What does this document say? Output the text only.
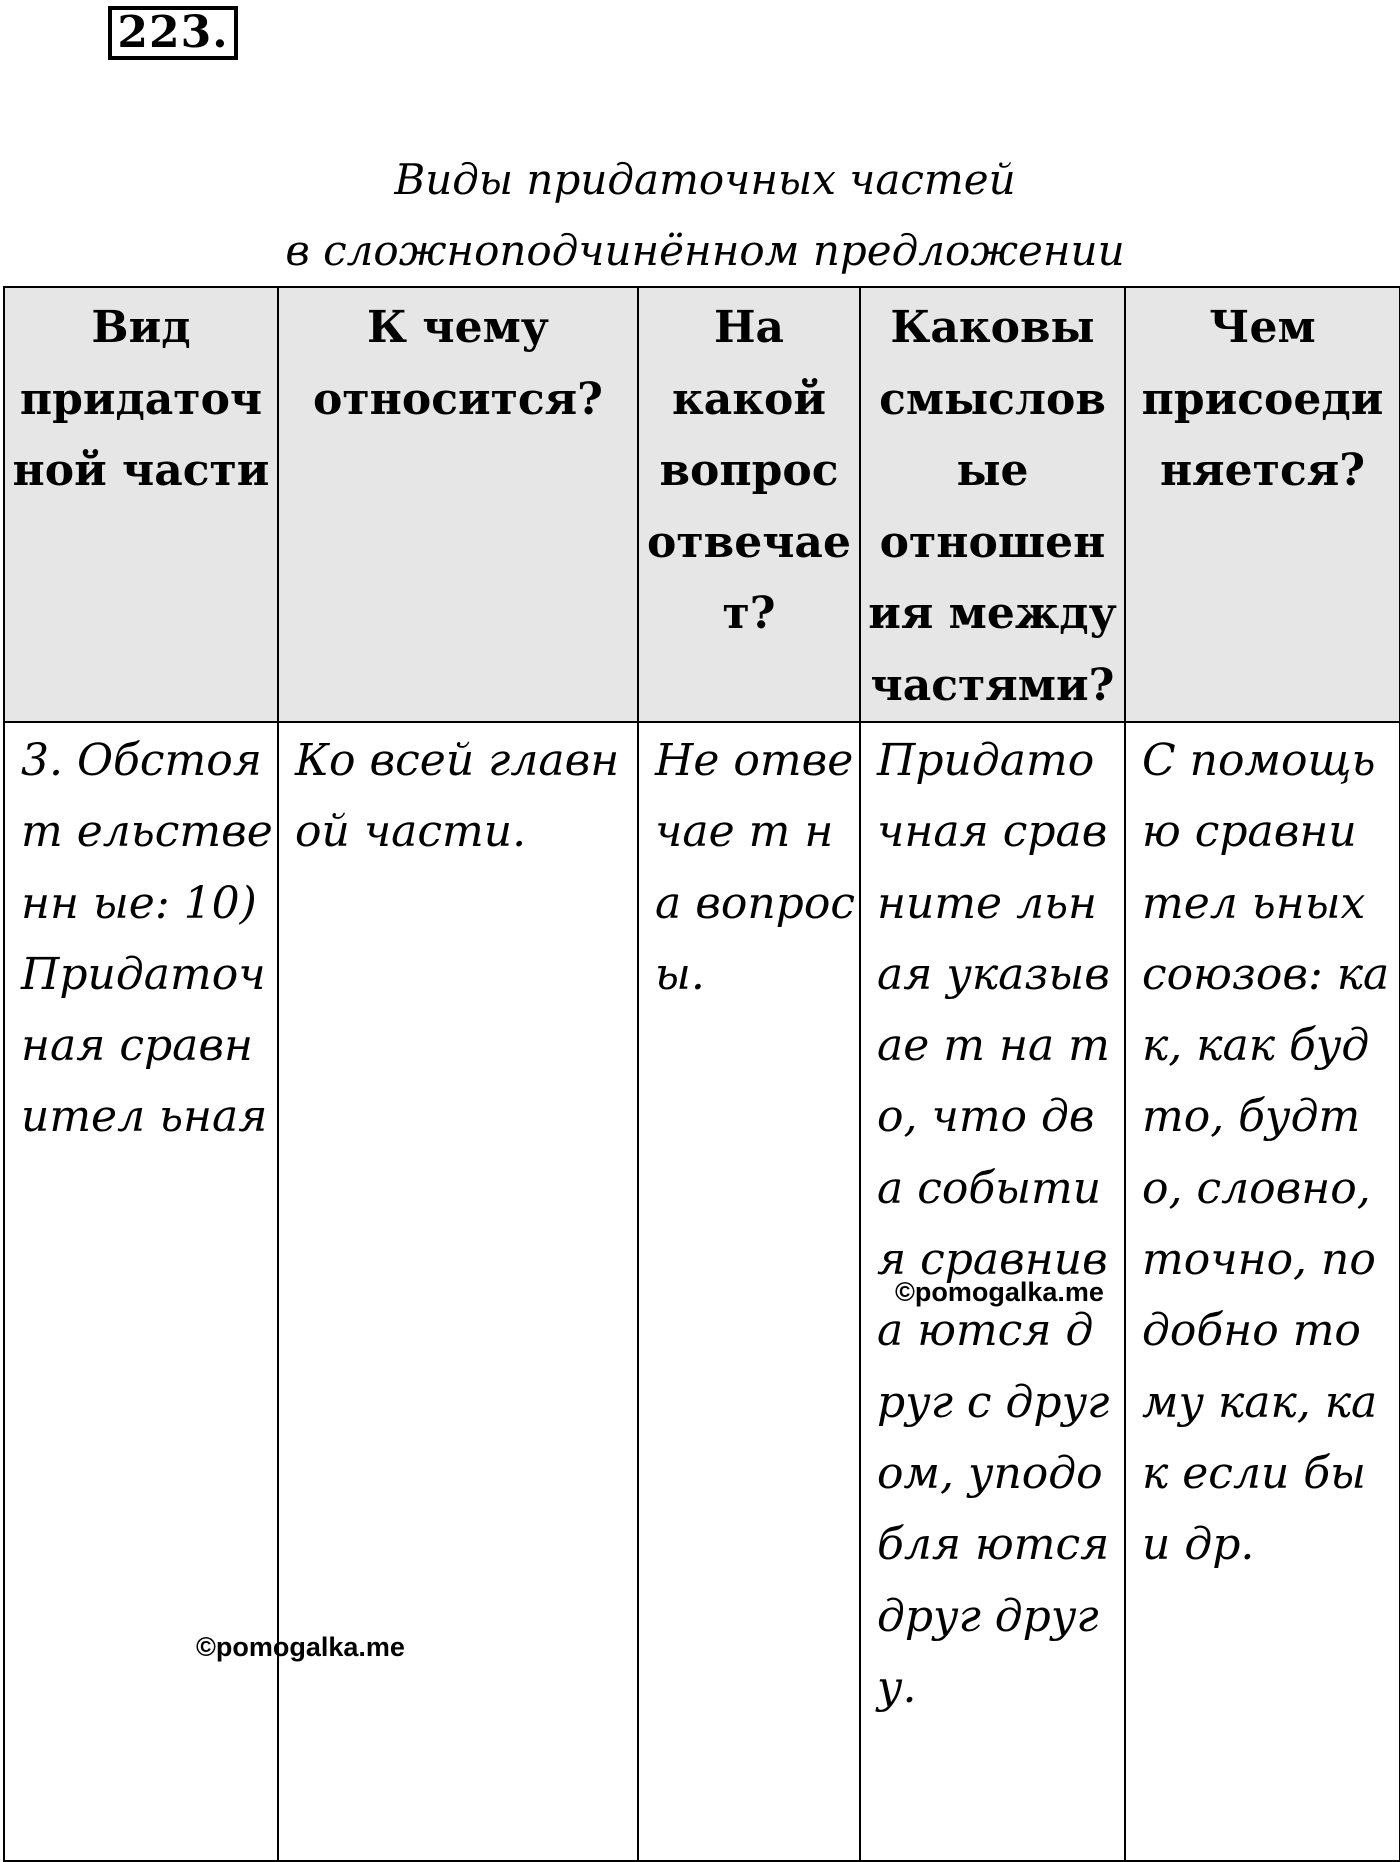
223.
Виды придаточных частей
в сложноподчинённом предложении
Вид придаточ ной части	К чему относится?	На какой вопрос отвечае т?	Каковы смыслов ые отношен ия между частями?	Чем присоеди няется?
3. Обстоят ельственн ые: 10) Придаточ ная сравнител ьная	Ко всей главной части.	Не отвечае т на вопрос ы.	Придато чная сравните льная указывае т на то, что два события сравнива ются друг с другом, уподобля ются друг другу.	С помощью сравнител ьных союзов: как, как будто, будто, словно, точно, подобно тому как, как если бы и др.
©pomogalka.me
©pomogalka.me
